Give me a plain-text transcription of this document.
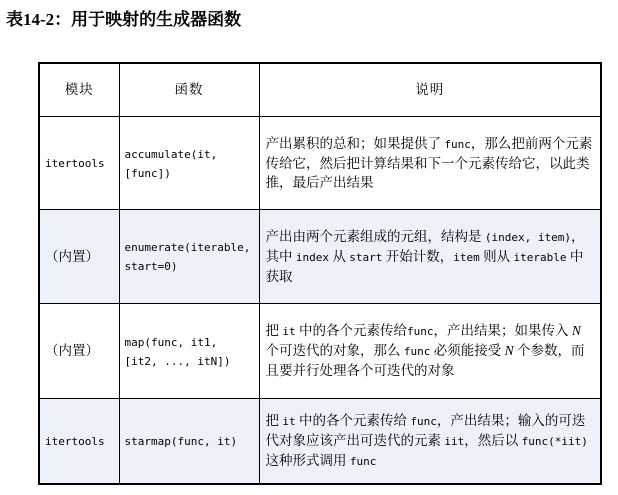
表14-2：用于映射的生成器函数
模块	函数	说明
itertools	accumulate(it, [func])	产出累积的总和；如果提供了 func，那么把前两个元素传给它，然后把计算结果和下一个元素传给它，以此类推，最后产出结果
（内置）	enumerate(iterable, start=0)	产出由两个元素组成的元组，结构是 (index, item)，其中 index 从 start 开始计数，item 则从 iterable 中获取
（内置）	map(func, it1, [it2, ..., itN])	把 it 中的各个元素传给func，产出结果；如果传入 N 个可迭代的对象，那么 func 必须能接受 N 个参数，而且要并行处理各个可迭代的对象
itertools	starmap(func, it)	把 it 中的各个元素传给 func，产出结果；输入的可迭代对象应该产出可迭代的元素 iit，然后以 func(*iit) 这种形式调用 func
